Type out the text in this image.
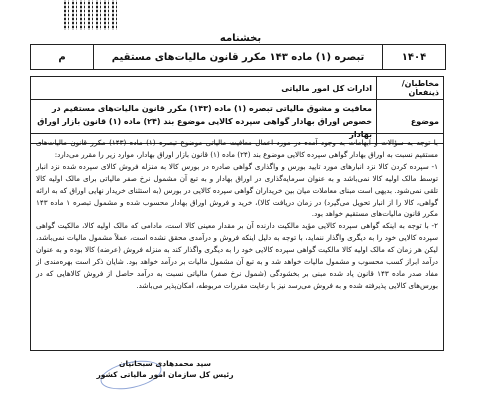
بخشنامه
م	تبصره (۱) ماده ۱۴۳ مکرر قانون مالیات‌های مستقیم	۱۴۰۴
مخاطبان/ذینفعان	ادارات کل امور مالیاتی
موضوع	معافیت و مشوق مالیاتی تبصره (۱) ماده (۱۴۳) مکرر قانون مالیات‌های مستقیم در خصوص اوراق بهادار گواهی سپرده کالایی موضوع بند (۲۴) ماده (۱) قانون بازار اوراق بهادار

با توجه به سؤالات و ابهامات به وجود آمده در مورد اعمال معافیت مالیاتی موضوع تبصره (۱) ماده (۱۴۳) مکرر قانون مالیات‌های مستقیم نسبت به اوراق بهادار گواهی سپرده کالایی موضوع بند (۲۴) ماده (۱) قانون بازار اوراق بهادار، موارد زیر را مقرر می‌دارد:

۱- سپرده کردن کالا نزد انبارهای مورد تایید بورس و واگذاری گواهی صادره در بورس کالا به منزله فروش کالای سپرده شده نزد انبار توسط مالک اولیه کالا نمی‌باشد و به عنوان سرمایه‌گذاری در اوراق بهادار و به تبع آن مشمول نرخ صفر مالیاتی برای مالک اولیه کالا تلقی نمی‌شود. بدیهی است مبنای معاملات میان بین خریداران گواهی سپرده کالایی در بورس (به استثنای خریدار نهایی اوراق که به ارائه گواهی، کالا را از انبار تحویل می‌گیرد) در زمان دریافت کالا)، خرید و فروش اوراق بهادار محسوب شده و مشمول تبصره ۱ ماده ۱۴۳ مکرر قانون مالیات‌های مستقیم خواهد بود.

۲- با توجه به اینکه گواهی سپرده کالایی مؤید مالکیت دارنده آن بر مقدار معینی کالا است، مادامی که مالک اولیه کالا، مالکیت گواهی سپرده کالایی خود را به دیگری واگذار ننماید، با توجه به دلیل اینکه فروش و درآمدی محقق نشده است، عملاً مشمول مالیات نمی‌باشد، لیکن هر زمان که مالک اولیه کالا مالکیت گواهی سپرده کالایی خود را به دیگری واگذار کند به منزله فروش (عرضه) کالا بوده و به عنوان درآمد ابراز کسب محسوب و مشمول مالیات خواهد شد و به تبع آن مشمول مالیات بر درآمد خواهد بود. شایان ذکر است بهره‌مندی از مفاد صدر ماده ۱۴۳ قانون یاد شده مبنی بر بخشودگی (شمول نرخ صفر) مالیاتی نسبت به درآمد حاصل از فروش کالاهایی که در بورس‌های کالایی پذیرفته شده و به فروش می‌رسد نیز با رعایت مقررات مربوطه، امکان‌پذیر می‌باشد.

سید محمدهادی سبحانیان
رئیس کل سازمان امور مالیاتی کشور
